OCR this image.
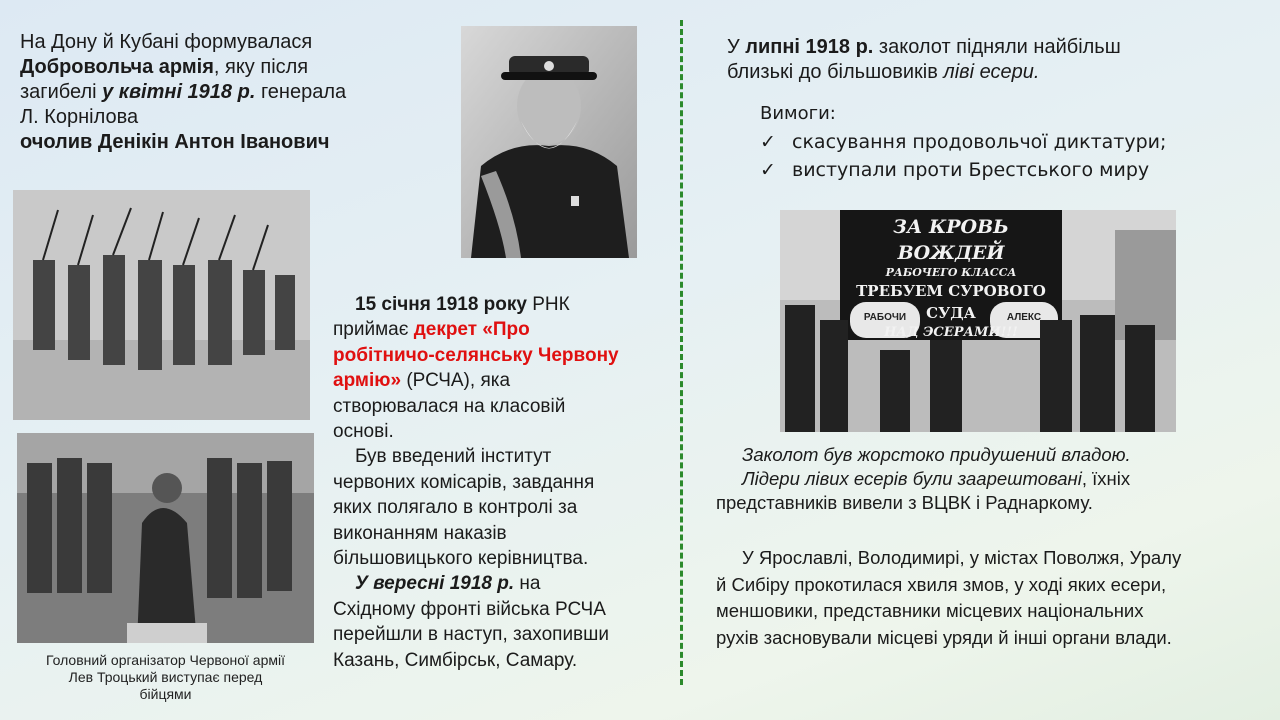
На Дону й Кубані формувалася
Добровольча армія, яку після
загибелі у квітні 1918 р. генерала
Л. Корнілова
очолив Денікін Антон Іванович
Головний організатор Червоної армії
Лев Троцький виступає перед
бійцями
15 січня 1918 року РНК
приймає декрет «Про
робітничо-селянську Червону
армію» (РСЧА), яка
створювалася на класовій
основі.
Був введений інститут
червоних комісарів, завдання
яких полягало в контролі за
виконанням наказів
більшовицького керівництва.
У вересні 1918 р. на
Східному фронті війська РСЧА
перейшли в наступ, захопивши
Казань, Симбірськ, Самару.
У липні 1918 р. заколот підняли найбільш
близькі до більшовиків ліві есери.
Вимоги:
✓ скасування продовольчої диктатури;
✓ виступали проти Брестського миру
ЗА КРОВЬ ВОЖДЕЙ
РАБОЧЕГО КЛАССА
ТРЕБУЕМ СУРОВОГО СУДА
НАД ЭСЕРАМИ!!!
РАБОЧИ	АЛЕКС
Заколот був жорстоко придушений владою.
Лідери лівих есерів були заарештовані, їхніх
представників вивели з ВЦВК і Раднаркому.
У Ярославлі, Володимирі, у містах Поволжя, Уралу
й Сибіру прокотилася хвиля змов, у ході яких есери,
меншовики, представники місцевих національних
рухів засновували місцеві уряди й інші органи влади.
